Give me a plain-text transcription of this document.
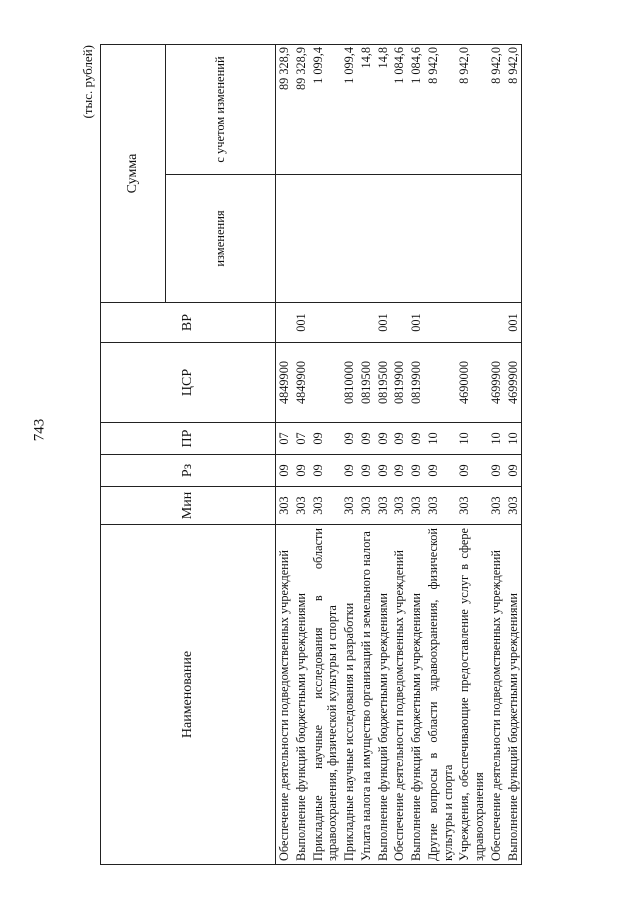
743
(тыс. рублей)
Наименование	Мин	Рз	ПР	ЦСР	ВР	Сумма	
						изменения	с учетом изменений
Обеспечение деятельности подведомственных учреждений	303	09	07	4849900			89 328,9
Выполнение функций бюджетными учреждениями	303	09	07	4849900	001		89 328,9
Прикладные научные исследования в области здравоохранения, физической культуры и спорта	303	09	09				1 099,4
Прикладные научные исследования и разработки	303	09	09	0810000			1 099,4
Уплата налога на имущество организаций и земельного налога	303	09	09	0819500			14,8
Выполнение функций бюджетными учреждениями	303	09	09	0819500	001		14,8
Обеспечение деятельности подведомственных учреждений	303	09	09	0819900			1 084,6
Выполнение функций бюджетными учреждениями	303	09	09	0819900	001		1 084,6
Другие вопросы в области здравоохранения, физической культуры и спорта	303	09	10				8 942,0
Учреждения, обеспечивающие предоставление услуг в сфере здравоохранения	303	09	10	4690000			8 942,0
Обеспечение деятельности подведомственных учреждений	303	09	10	4699900			8 942,0
Выполнение функций бюджетными учреждениями	303	09	10	4699900	001		8 942,0
